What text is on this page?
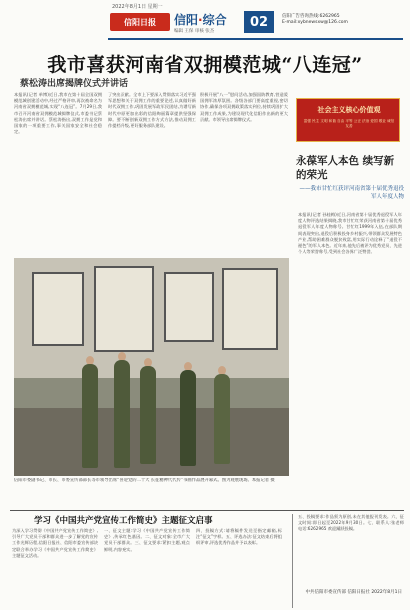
2022年8月1日 星期一
信阳日报	信阳·综合
编辑 王保 审核 张杰
02	信阳广告咨询热线:6262965
E-mail:xybnewsxw@126.com
我市喜获河南省双拥模范城“八连冠”
蔡松涛出席揭牌仪式并讲话
本报讯(记者 单博)近日,我市在第十届全国双拥模范城创建活动中,经过严格评审,再次被命名为河南省双拥模范城,实现“八连冠”。7月29日,我市召开河南省双拥模范城揭牌仪式,市委书记蔡松涛出席并讲话。蔡松涛指出,双拥工作是党和国家的一项重要工作,事关国家安全和社会稳定。
了突出贡献。全市上下要深入贯彻落实习近平强军思想和关于双拥工作的重要论述,认真做好新时代双拥工作,巩固发展军政军民团结,为谱写新时代中原更加出彩的信阳绚丽篇章提供坚强保障。要不断创新双拥工作方式方法,推动双拥工作提档升级,更好服务部队建设。
积极开展“八一”慰问活动,加强国防教育,营造爱国拥军浓厚氛围。各级各部门要高度重视,密切协作,确保各项双拥政策落实到位,持续巩固扩大双拥工作成果,为建设现代化信阳作出新的更大贡献。市领导出席揭牌仪式。
信阳市委副书记、市长、市委宣传部部长等市领导出席“喜迎党的二十大 长征精神代代传”书画作品展开幕式。图为观展现场。本报记者 摄
社会主义核心价值观
富强 民主 文明 和谐 自由 平等 公正 法治 爱国 敬业 诚信 友善
永葆军人本色 续写新的荣光
——我市甘忙红获评河南省第十届优秀退役军人年度人物
本报讯(记者 孙桂梅)近日,河南省第十届优秀退役军人年度人物评选结果揭晓,我市甘忙红荣获河南省第十届优秀退役军人年度人物称号。甘忙红1999年入伍,在部队期间表现突出,退役后积极投身乡村振兴,带领群众发展特色产业,帮助困难群众脱贫致富,用实际行动诠释了“退役不褪色”的军人本色。近年来,他先后被评为优秀党员、先进个人等荣誉称号,受到社会各界广泛赞誉。
学习《中国共产党宣传工作简史》主题征文启事
为深入学习贯彻《中国共产党宣传工作简史》,引导广大党员干部和群众进一步了解党的宣传工作光辉历程,信阳日报社、信阳市委宣传部决定联合举办学习《中国共产党宣传工作简史》主题征文活动。
一、征文主题:学习《中国共产党宣传工作简史》,传承红色基因。二、征文对象:全市广大党员干部群众。三、征文要求:紧扣主题,观点鲜明,内容充实。
四、投稿方式:请将稿件发送至指定邮箱,标注“征文”字样。五、评选办法:征文结束后将组织评审,评选优秀作品并予以表彰。
五、投稿要求:作品须为原创,未在其他报刊发表。六、征文时间:即日起至2022年9月30日。七、联系人:张老师 电话:6262965 欢迎踊跃投稿。
中共信阳市委宣传部 信阳日报社 2022年8月1日
